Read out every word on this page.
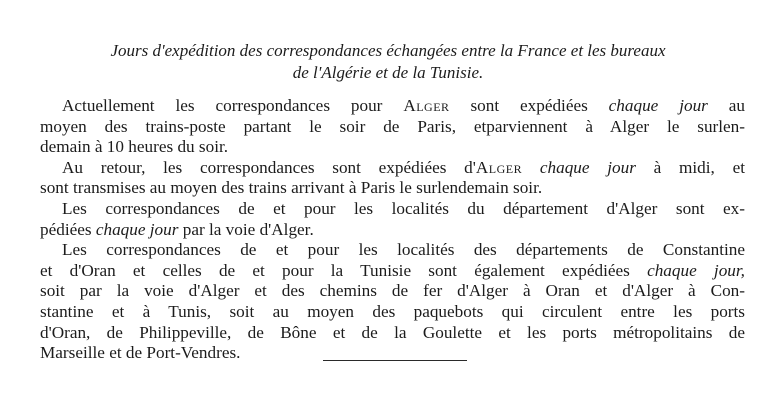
Jours d'expédition des correspondances échangées entre la France et les bureaux
de l'Algérie et de la Tunisie.
Actuellement les correspondances pour Alger sont expédiées chaque jour au
moyen des trains-poste partant le soir de Paris, etparviennent à Alger le surlen-
demain à 10 heures du soir.
Au retour, les correspondances sont expédiées d'Alger chaque jour à midi, et
sont transmises au moyen des trains arrivant à Paris le surlendemain soir.
Les correspondances de et pour les localités du département d'Alger sont ex-
pédiées chaque jour par la voie d'Alger.
Les correspondances de et pour les localités des départements de Constantine
et d'Oran et celles de et pour la Tunisie sont également expédiées chaque jour,
soit par la voie d'Alger et des chemins de fer d'Alger à Oran et d'Alger à Con-
stantine et à Tunis, soit au moyen des paquebots qui circulent entre les ports
d'Oran, de Philippeville, de Bône et de la Goulette et les ports métropolitains de
Marseille et de Port-Vendres.
